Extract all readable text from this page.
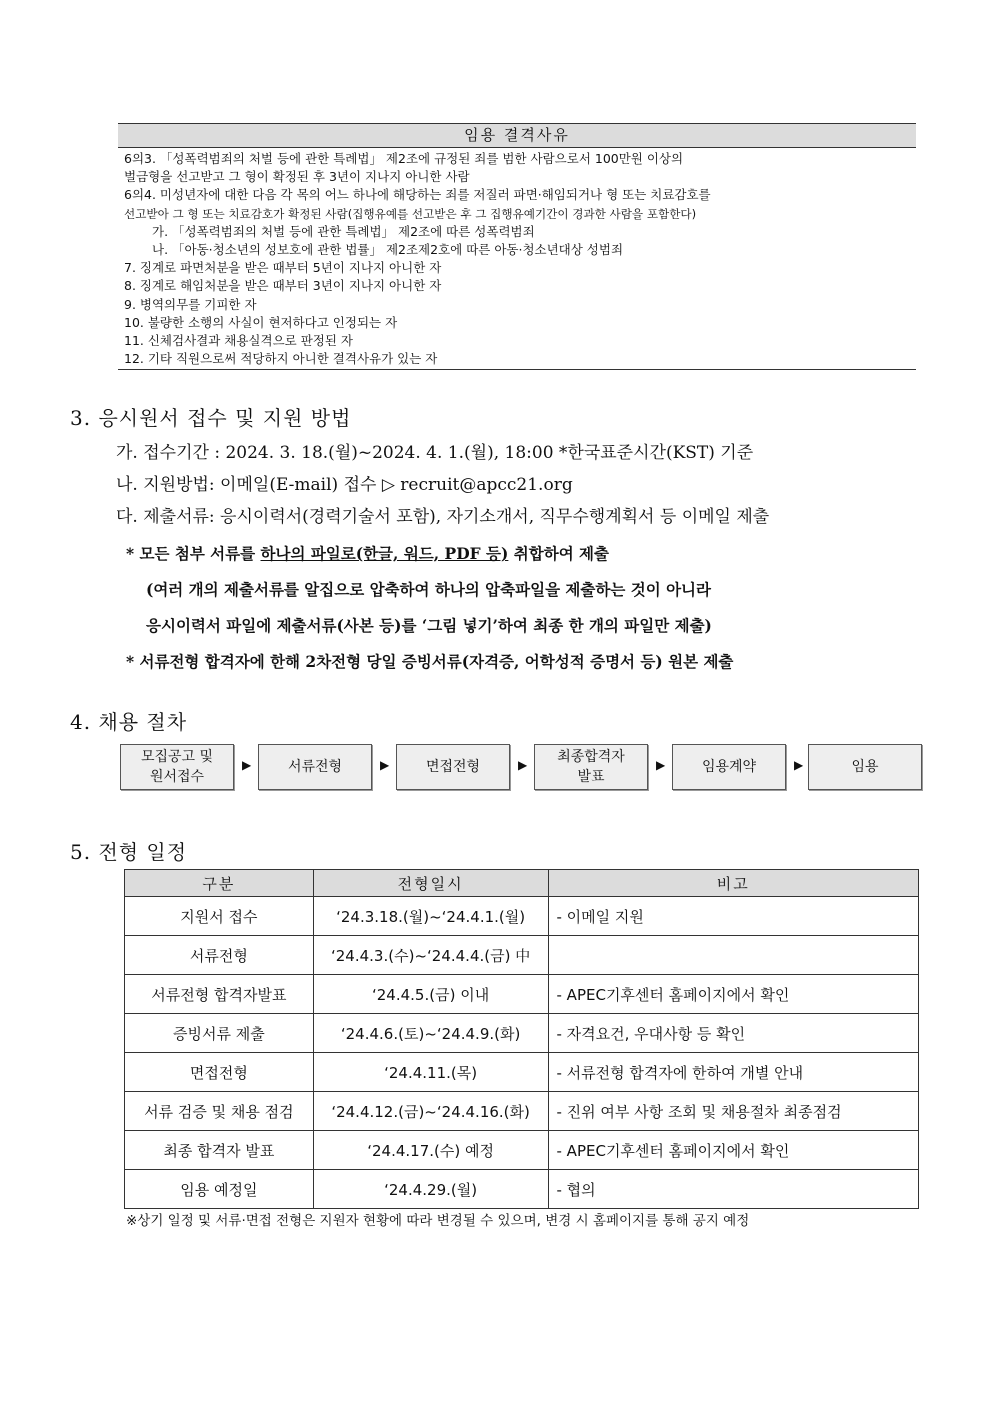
임용 결격사유
6의3. 「성폭력범죄의 처벌 등에 관한 특례법」 제2조에 규정된 죄를 범한 사람으로서 100만원 이상의
벌금형을 선고받고 그 형이 확정된 후 3년이 지나지 아니한 사람
6의4. 미성년자에 대한 다음 각 목의 어느 하나에 해당하는 죄를 저질러 파면·해임되거나 형 또는 치료감호를
선고받아 그 형 또는 치료감호가 확정된 사람(집행유예를 선고받은 후 그 집행유예기간이 경과한 사람을 포함한다)
가. 「성폭력범죄의 처벌 등에 관한 특례법」 제2조에 따른 성폭력범죄
나. 「아동·청소년의 성보호에 관한 법률」 제2조제2호에 따른 아동·청소년대상 성범죄
7. 징계로 파면처분을 받은 때부터 5년이 지나지 아니한 자
8. 징계로 해임처분을 받은 때부터 3년이 지나지 아니한 자
9. 병역의무를 기피한 자
10. 불량한 소행의 사실이 현저하다고 인정되는 자
11. 신체검사결과 채용실격으로 판정된 자
12. 기타 직원으로써 적당하지 아니한 결격사유가 있는 자
3. 응시원서 접수 및 지원 방법
가. 접수기간 : 2024. 3. 18.(월)~2024. 4. 1.(월), 18:00 *한국표준시간(KST) 기준
나. 지원방법: 이메일(E-mail) 접수 ▷ recruit@apcc21.org
다. 제출서류: 응시이력서(경력기술서 포함), 자기소개서, 직무수행계획서 등 이메일 제출
* 모든 첨부 서류를 하나의 파일로(한글, 워드, PDF 등) 취합하여 제출
(여러 개의 제출서류를 알집으로 압축하여 하나의 압축파일을 제출하는 것이 아니라
응시이력서 파일에 제출서류(사본 등)를 ‘그림 넣기’하여 최종 한 개의 파일만 제출)
* 서류전형 합격자에 한해 2차전형 당일 증빙서류(자격증, 어학성적 증명서 등) 원본 제출
4. 채용 절차
모집공고 및
원서접수
▶	서류전형	▶	면접전형	▶ 최종합격자
발표
▶	임용계약	▶	임용
5. 전형 일정
구분	전형일시	비고
지원서 접수	‘24.3.18.(월)~‘24.4.1.(월)	- 이메일 지원
서류전형	‘24.4.3.(수)~‘24.4.4.(금) 中	
서류전형 합격자발표	‘24.4.5.(금) 이내	- APEC기후센터 홈페이지에서 확인
증빙서류 제출	‘24.4.6.(토)~‘24.4.9.(화)	- 자격요건, 우대사항 등 확인
면접전형	‘24.4.11.(목)	- 서류전형 합격자에 한하여 개별 안내
서류 검증 및 채용 점검	‘24.4.12.(금)~‘24.4.16.(화)	- 진위 여부 사항 조회 및 채용절차 최종점검
최종 합격자 발표	‘24.4.17.(수) 예정	- APEC기후센터 홈페이지에서 확인
임용 예정일	‘24.4.29.(월)	- 협의
※상기 일정 및 서류·면접 전형은 지원자 현황에 따라 변경될 수 있으며, 변경 시 홈페이지를 통해 공지 예정
